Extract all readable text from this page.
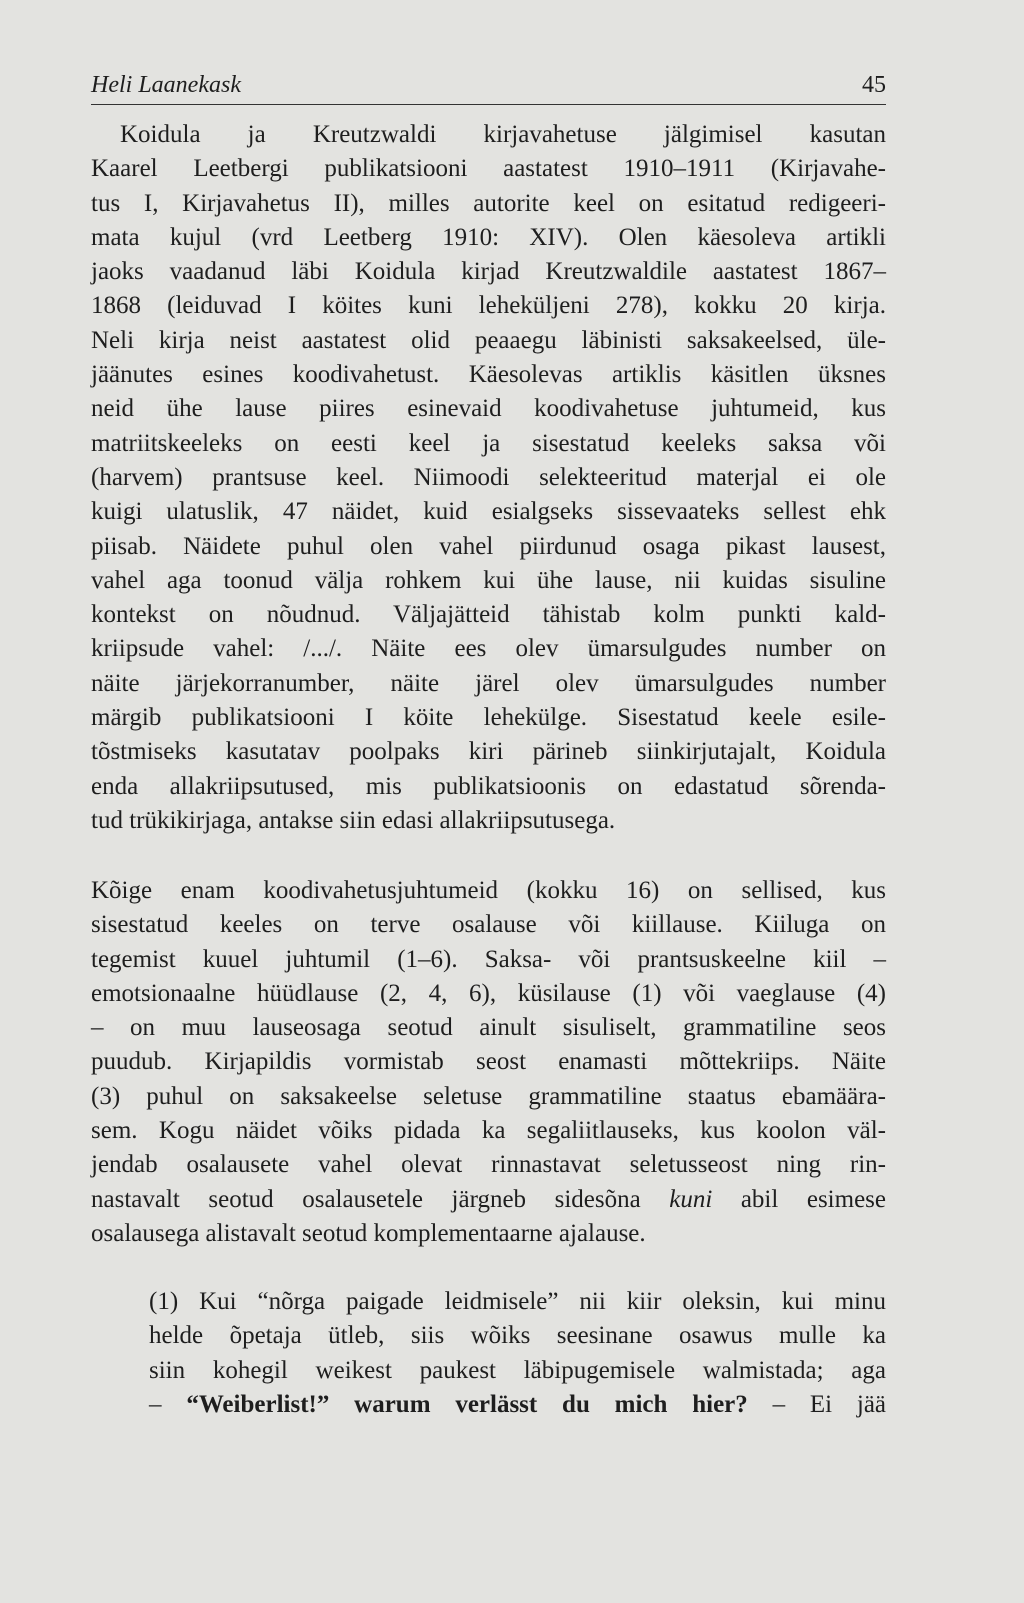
Heli Laanekask	45
Koidula ja Kreutzwaldi kirjavahetuse jälgimisel kasutan
Kaarel Leetbergi publikatsiooni aastatest 1910–1911 (Kirjavahe-
tus I, Kirjavahetus II), milles autorite keel on esitatud redigeeri-
mata kujul (vrd Leetberg 1910: XIV). Olen käesoleva artikli
jaoks vaadanud läbi Koidula kirjad Kreutzwaldile aastatest 1867–
1868 (leiduvad I köites kuni leheküljeni 278), kokku 20 kirja.
Neli kirja neist aastatest olid peaaegu läbinisti saksakeelsed, üle-
jäänutes esines koodivahetust. Käesolevas artiklis käsitlen üksnes
neid ühe lause piires esinevaid koodivahetuse juhtumeid, kus
matriitskeeleks on eesti keel ja sisestatud keeleks saksa või
(harvem) prantsuse keel. Niimoodi selekteeritud materjal ei ole
kuigi ulatuslik, 47 näidet, kuid esialgseks sissevaateks sellest ehk
piisab. Näidete puhul olen vahel piirdunud osaga pikast lausest,
vahel aga toonud välja rohkem kui ühe lause, nii kuidas sisuline
kontekst on nõudnud. Väljajätteid tähistab kolm punkti kald-
kriipsude vahel: /.../. Näite ees olev ümarsulgudes number on
näite järjekorranumber, näite järel olev ümarsulgudes number
märgib publikatsiooni I köite lehekülge. Sisestatud keele esile-
tõstmiseks kasutatav poolpaks kiri pärineb siinkirjutajalt, Koidula
enda allakriipsutused, mis publikatsioonis on edastatud sõrenda-
tud trükikirjaga, antakse siin edasi allakriipsutusega.
Kõige enam koodivahetusjuhtumeid (kokku 16) on sellised, kus
sisestatud keeles on terve osalause või kiillause. Kiiluga on
tegemist kuuel juhtumil (1–6). Saksa- või prantsuskeelne kiil –
emotsionaalne hüüdlause (2, 4, 6), küsilause (1) või vaeglause (4)
– on muu lauseosaga seotud ainult sisuliselt, grammatiline seos
puudub. Kirjapildis vormistab seost enamasti mõttekriips. Näite
(3) puhul on saksakeelse seletuse grammatiline staatus ebamäära-
sem. Kogu näidet võiks pidada ka segaliitlauseks, kus koolon väl-
jendab osalausete vahel olevat rinnastavat seletusseost ning rin-
nastavalt seotud osalausetele järgneb sidesõna kuni abil esimese
osalausega alistavalt seotud komplementaarne ajalause.
(1) Kui “nõrga paigade leidmisele” nii kiir oleksin, kui minu
helde õpetaja ütleb, siis wõiks seesinane osawus mulle ka
siin kohegil weikest paukest läbipugemisele walmistada; aga
– “Weiberlist!” warum verlässt du mich hier? – Ei jää
